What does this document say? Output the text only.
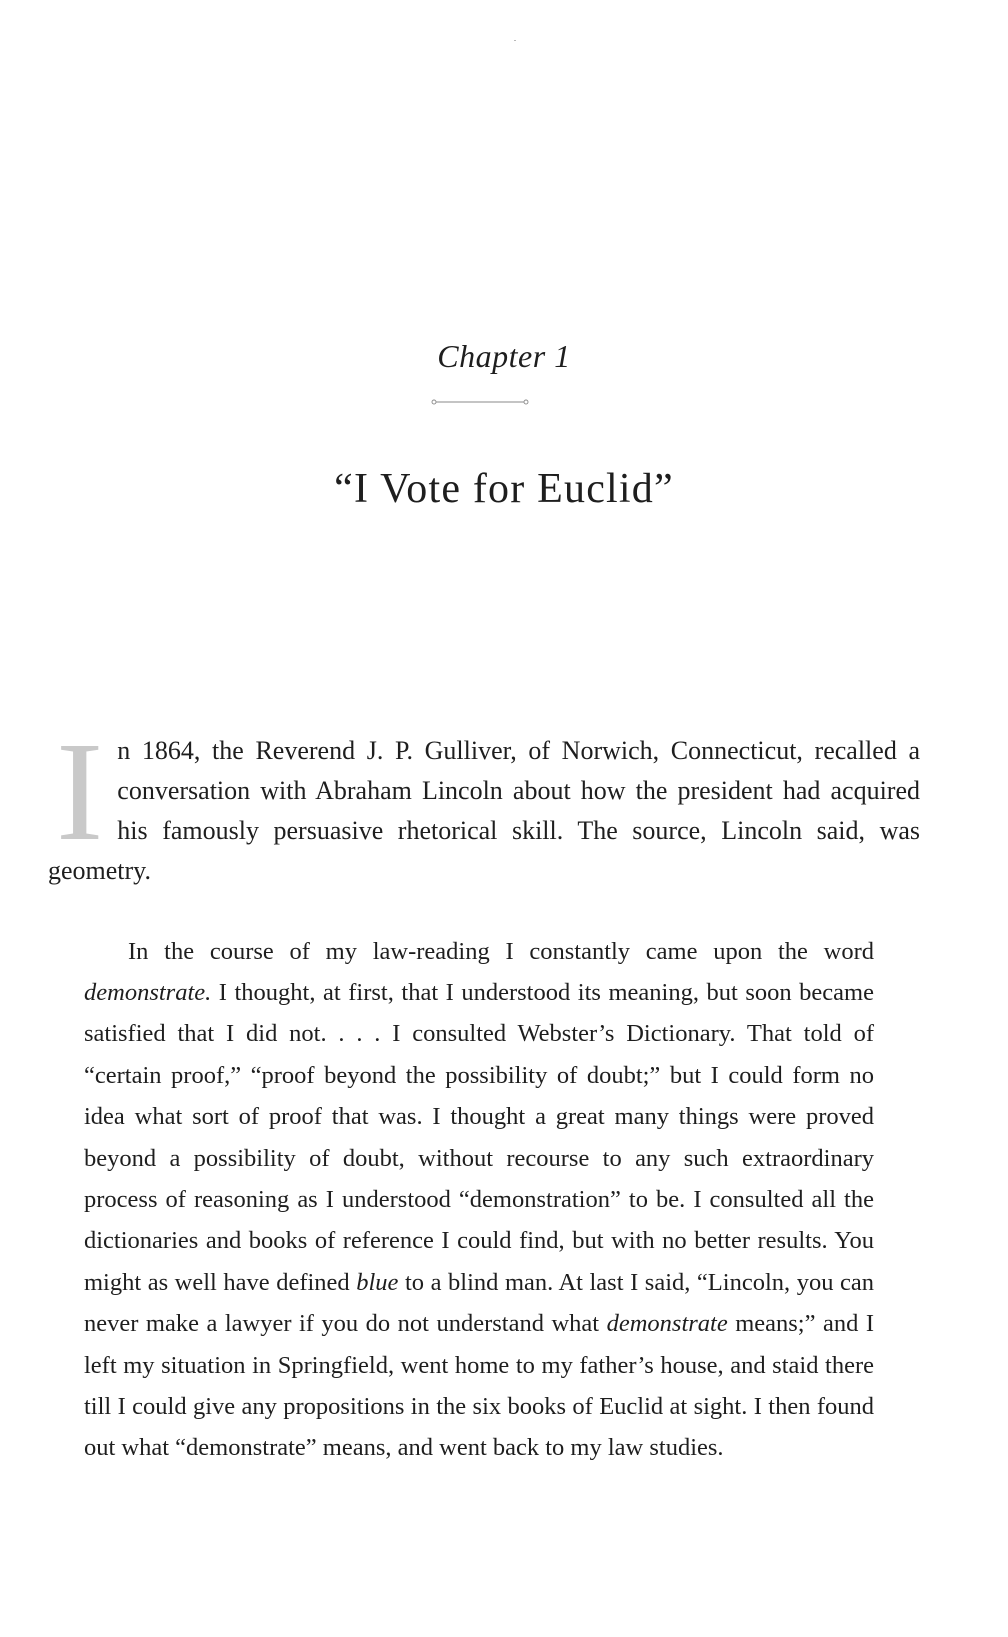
Chapter 1
“I Vote for Euclid”

In 1864, the Reverend J. P. Gulliver, of Norwich, Connecticut, recalled a conversation with Abraham Lincoln about how the president had acquired his famously persuasive rhetorical skill. The source, Lincoln said, was geometry.

In the course of my law-reading I constantly came upon the word demonstrate. I thought, at first, that I understood its meaning, but soon became satisfied that I did not. . . . I consulted Webster’s Dictionary. That told of “certain proof,” “proof beyond the possibility of doubt;” but I could form no idea what sort of proof that was. I thought a great many things were proved beyond a possibility of doubt, without recourse to any such extraordinary process of reasoning as I understood “demonstration” to be. I consulted all the dictionaries and books of reference I could find, but with no better results. You might as well have defined blue to a blind man. At last I said, “Lincoln, you can never make a lawyer if you do not understand what demonstrate means;” and I left my situation in Springfield, went home to my father’s house, and staid there till I could give any propositions in the six books of Euclid at sight. I then found out what “demonstrate” means, and went back to my law studies.
